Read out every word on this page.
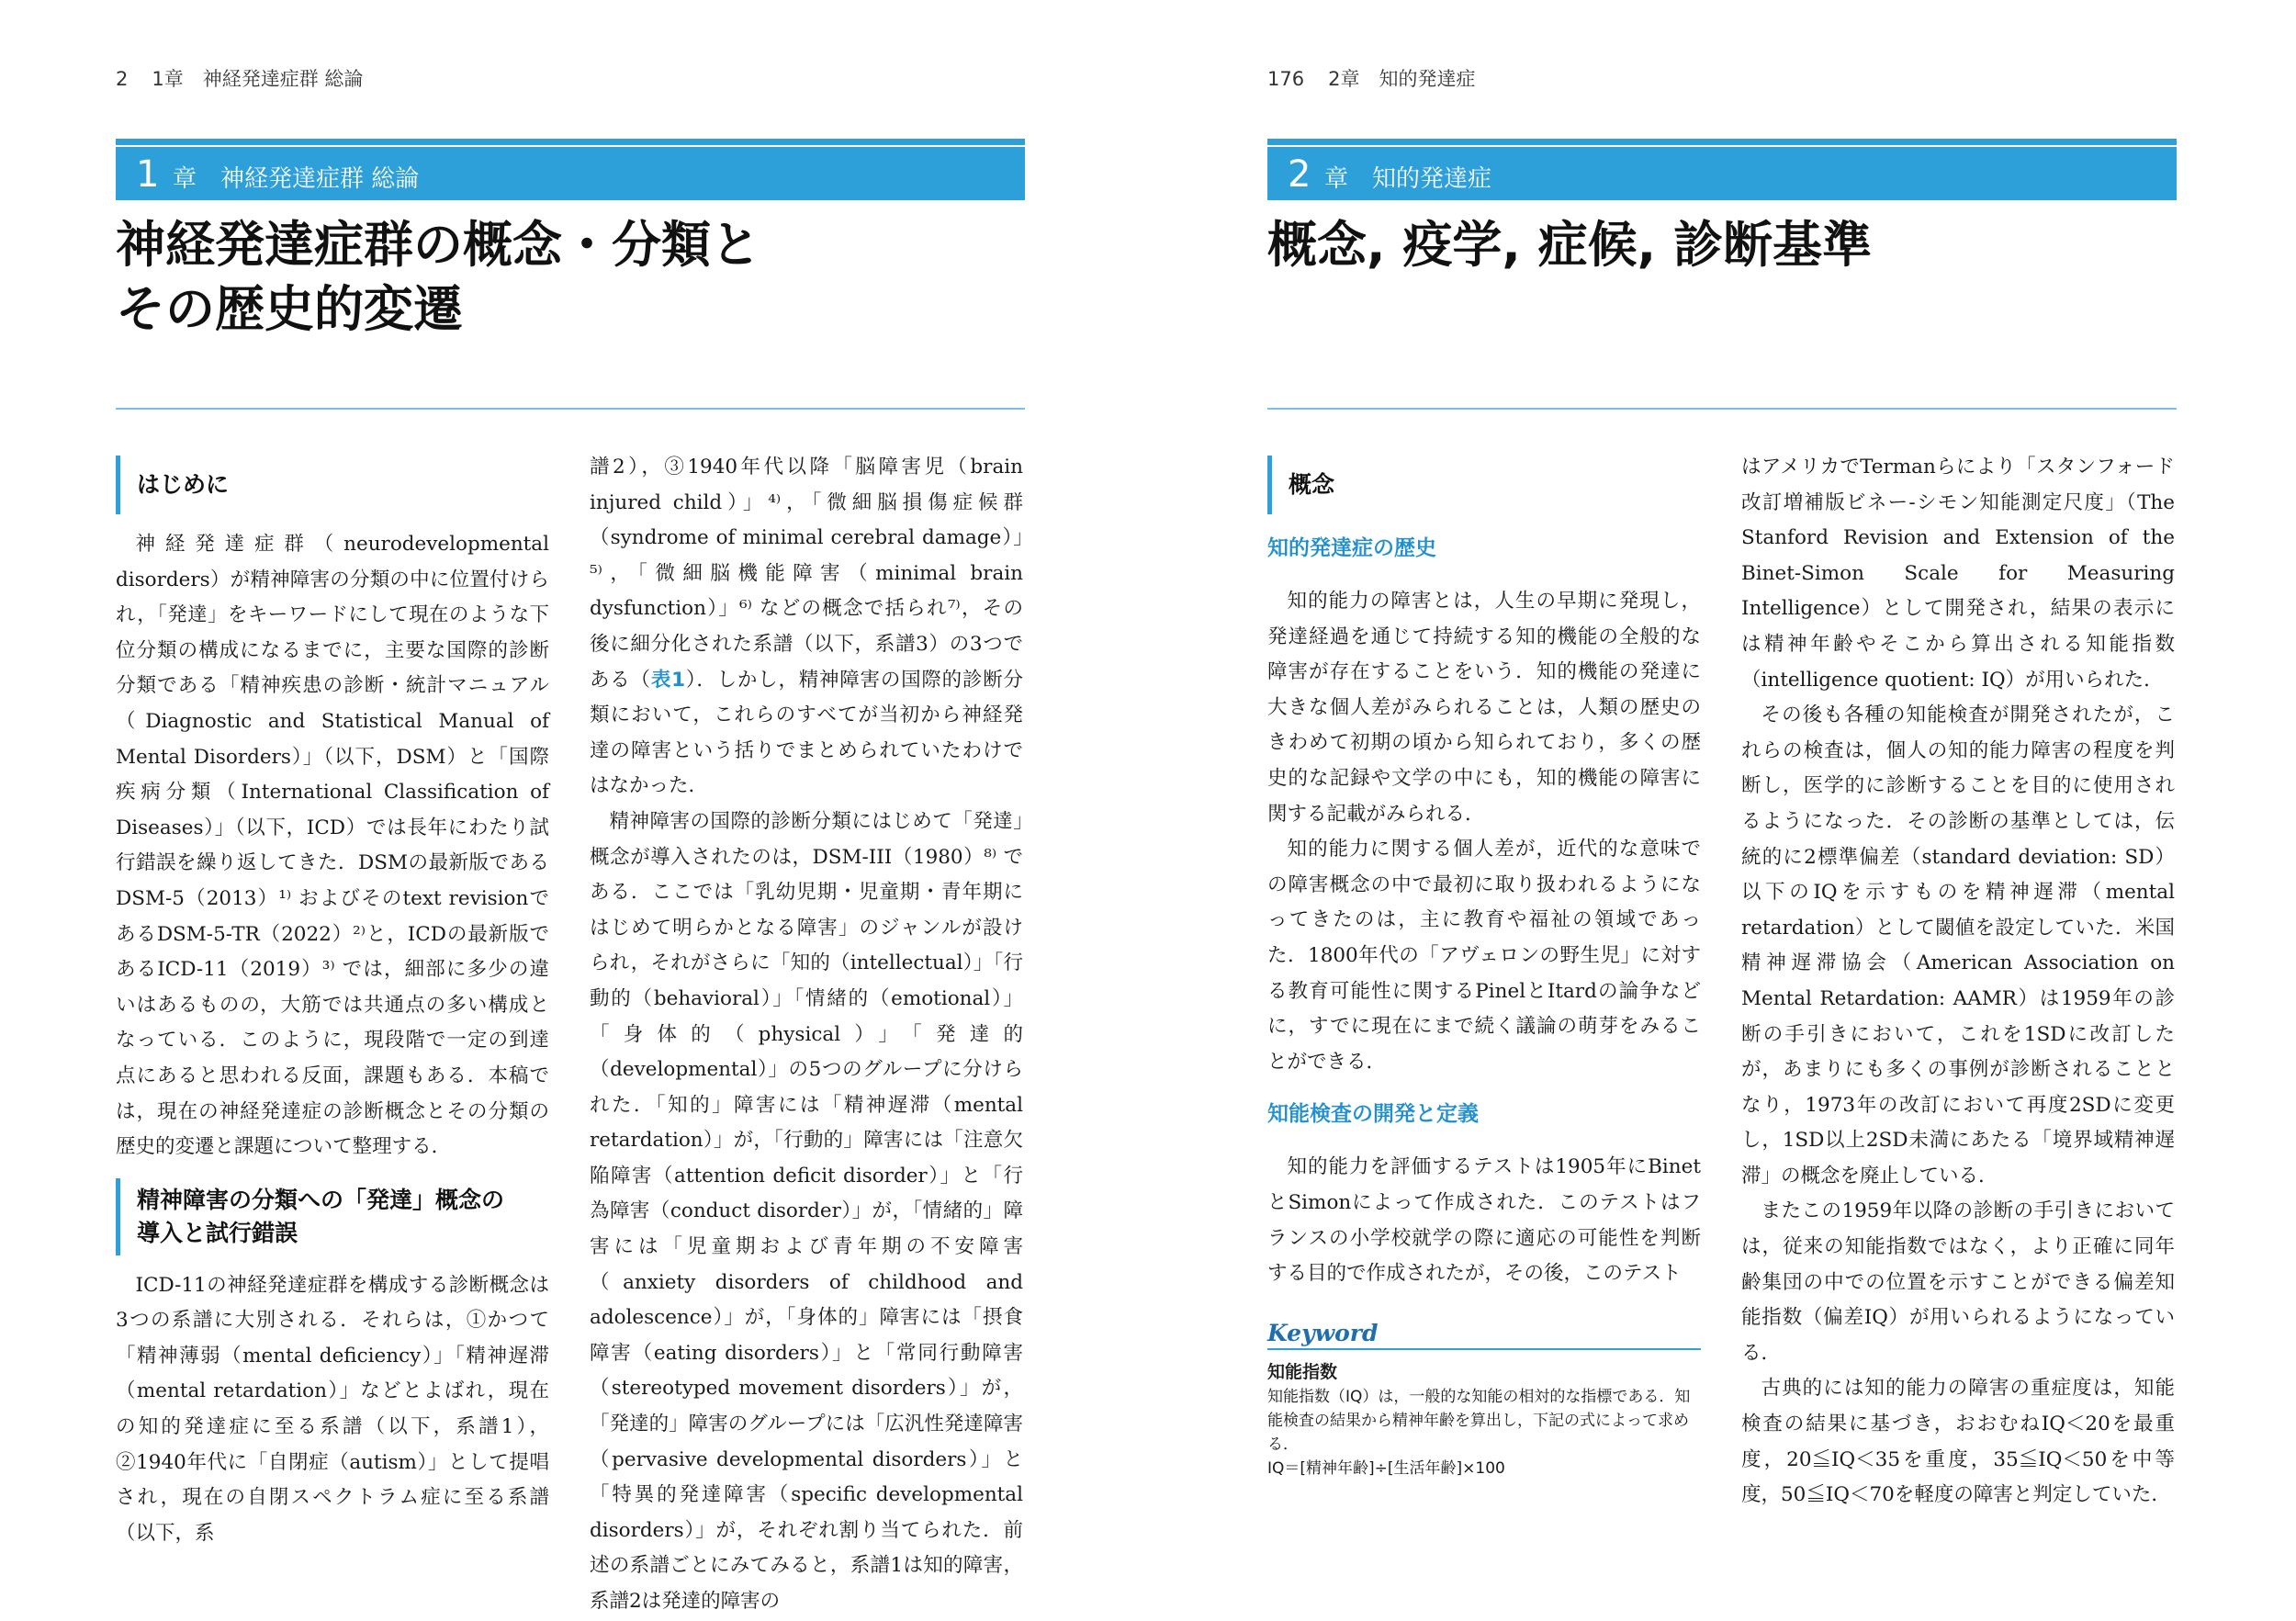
2 1章　神経発達症群 総論
1 章　神経発達症群 総論
神経発達症群の概念・分類と
その歴史的変遷
はじめに

神経発達症群（neurodevelopmental disorders）が精神障害の分類の中に位置付けられ，「発達」をキーワードにして現在のような下位分類の構成になるまでに，主要な国際的診断分類である「精神疾患の診断・統計マニュアル（Diagnostic and Statistical Manual of Mental Disorders）」（以下，DSM）と「国際疾病分類（International Classification of Diseases）」（以下，ICD）では長年にわたり試行錯誤を繰り返してきた．DSMの最新版であるDSM-5（2013）¹⁾ およびそのtext revisionであるDSM-5-TR（2022）²⁾と，ICDの最新版であるICD-11（2019）³⁾ では，細部に多少の違いはあるものの，大筋では共通点の多い構成となっている．このように，現段階で一定の到達点にあると思われる反面，課題もある．本稿では，現在の神経発達症の診断概念とその分類の歴史的変遷と課題について整理する．

精神障害の分類への「発達」概念の
導入と試行錯誤

ICD-11の神経発達症群を構成する診断概念は3つの系譜に大別される．それらは，①かつて「精神薄弱（mental deficiency）」「精神遅滞（mental retardation）」などとよばれ，現在の知的発達症に至る系譜（以下，系譜1），②1940年代に「自閉症（autism）」として提唱され，現在の自閉スペクトラム症に至る系譜（以下，系

譜2），③1940年代以降「脳障害児（brain injured child）」⁴⁾，「微細脳損傷症候群（syndrome of minimal cerebral damage）」⁵⁾，「微細脳機能障害（minimal brain dysfunction）」⁶⁾ などの概念で括られ⁷⁾，その後に細分化された系譜（以下，系譜3）の3つである（表1）．しかし，精神障害の国際的診断分類において，これらのすべてが当初から神経発達の障害という括りでまとめられていたわけではなかった．

精神障害の国際的診断分類にはじめて「発達」概念が導入されたのは，DSM-III（1980）⁸⁾ である．ここでは「乳幼児期・児童期・青年期にはじめて明らかとなる障害」のジャンルが設けられ，それがさらに「知的（intellectual）」「行動的（behavioral）」「情緒的（emotional）」「身体的（physical）」「発達的（developmental）」の5つのグループに分けられた．「知的」障害には「精神遅滞（mental retardation）」が，「行動的」障害には「注意欠陥障害（attention deficit disorder）」と「行為障害（conduct disorder）」が，「情緒的」障害には「児童期および青年期の不安障害（anxiety disorders of childhood and adolescence）」が，「身体的」障害には「摂食障害（eating disorders）」と「常同行動障害（stereotyped movement disorders）」が，「発達的」障害のグループには「広汎性発達障害（pervasive developmental disorders）」と「特異的発達障害（specific developmental disorders）」が，それぞれ割り当てられた．前述の系譜ごとにみてみると，系譜1は知的障害，系譜2は発達的障害の

176 2章　知的発達症
2 章　知的発達症
概念, 疫学, 症候, 診断基準
概念
知的発達症の歴史

知的能力の障害とは，人生の早期に発現し，発達経過を通じて持続する知的機能の全般的な障害が存在することをいう．知的機能の発達に大きな個人差がみられることは，人類の歴史のきわめて初期の頃から知られており，多くの歴史的な記録や文学の中にも，知的機能の障害に関する記載がみられる．

知的能力に関する個人差が，近代的な意味での障害概念の中で最初に取り扱われるようになってきたのは，主に教育や福祉の領域であった．1800年代の「アヴェロンの野生児」に対する教育可能性に関するPinelとItardの論争などに，すでに現在にまで続く議論の萌芽をみることができる．

知能検査の開発と定義

知的能力を評価するテストは1905年にBinetとSimonによって作成された．このテストはフランスの小学校就学の際に適応の可能性を判断する目的で作成されたが，その後，このテスト

Keyword
知能指数
知能指数（IQ）は，一般的な知能の相対的な指標である．知能検査の結果から精神年齢を算出し，下記の式によって求める．
IQ＝[精神年齢]÷[生活年齢]×100

はアメリカでTermanらにより「スタンフォード改訂増補版ビネー-シモン知能測定尺度」（The Stanford Revision and Extension of the Binet-Simon Scale for Measuring Intelligence）として開発され，結果の表示には精神年齢やそこから算出される知能指数（intelligence quotient: IQ）が用いられた．

その後も各種の知能検査が開発されたが，これらの検査は，個人の知的能力障害の程度を判断し，医学的に診断することを目的に使用されるようになった．その診断の基準としては，伝統的に2標準偏差（standard deviation: SD）以下のIQを示すものを精神遅滞（mental retardation）として閾値を設定していた．米国精神遅滞協会（American Association on Mental Retardation: AAMR）は1959年の診断の手引きにおいて，これを1SDに改訂したが，あまりにも多くの事例が診断されることとなり，1973年の改訂において再度2SDに変更し，1SD以上2SD未満にあたる「境界域精神遅滞」の概念を廃止している．

またこの1959年以降の診断の手引きにおいては，従来の知能指数ではなく，より正確に同年齢集団の中での位置を示すことができる偏差知能指数（偏差IQ）が用いられるようになっている．

古典的には知的能力の障害の重症度は，知能検査の結果に基づき，おおむねIQ＜20を最重度，20≦IQ＜35を重度，35≦IQ＜50を中等度，50≦IQ＜70を軽度の障害と判定していた．
